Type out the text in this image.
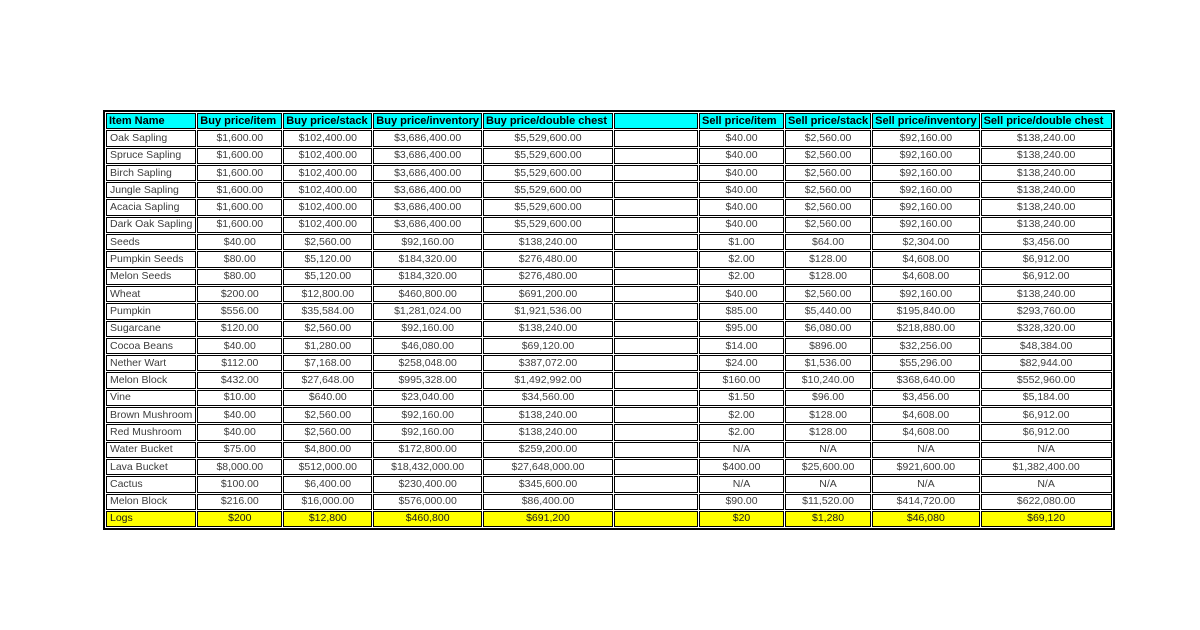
Item Name	Buy price/item	Buy price/stack	Buy price/inventory	Buy price/double chest		Sell price/item	Sell price/stack	Sell price/inventory	Sell price/double chest
Oak Sapling	$1,600.00	$102,400.00	$3,686,400.00	$5,529,600.00		$40.00	$2,560.00	$92,160.00	$138,240.00
Spruce Sapling	$1,600.00	$102,400.00	$3,686,400.00	$5,529,600.00		$40.00	$2,560.00	$92,160.00	$138,240.00
Birch Sapling	$1,600.00	$102,400.00	$3,686,400.00	$5,529,600.00		$40.00	$2,560.00	$92,160.00	$138,240.00
Jungle Sapling	$1,600.00	$102,400.00	$3,686,400.00	$5,529,600.00		$40.00	$2,560.00	$92,160.00	$138,240.00
Acacia Sapling	$1,600.00	$102,400.00	$3,686,400.00	$5,529,600.00		$40.00	$2,560.00	$92,160.00	$138,240.00
Dark Oak Sapling	$1,600.00	$102,400.00	$3,686,400.00	$5,529,600.00		$40.00	$2,560.00	$92,160.00	$138,240.00
Seeds	$40.00	$2,560.00	$92,160.00	$138,240.00		$1.00	$64.00	$2,304.00	$3,456.00
Pumpkin Seeds	$80.00	$5,120.00	$184,320.00	$276,480.00		$2.00	$128.00	$4,608.00	$6,912.00
Melon Seeds	$80.00	$5,120.00	$184,320.00	$276,480.00		$2.00	$128.00	$4,608.00	$6,912.00
Wheat	$200.00	$12,800.00	$460,800.00	$691,200.00		$40.00	$2,560.00	$92,160.00	$138,240.00
Pumpkin	$556.00	$35,584.00	$1,281,024.00	$1,921,536.00		$85.00	$5,440.00	$195,840.00	$293,760.00
Sugarcane	$120.00	$2,560.00	$92,160.00	$138,240.00		$95.00	$6,080.00	$218,880.00	$328,320.00
Cocoa Beans	$40.00	$1,280.00	$46,080.00	$69,120.00		$14.00	$896.00	$32,256.00	$48,384.00
Nether Wart	$112.00	$7,168.00	$258,048.00	$387,072.00		$24.00	$1,536.00	$55,296.00	$82,944.00
Melon Block	$432.00	$27,648.00	$995,328.00	$1,492,992.00		$160.00	$10,240.00	$368,640.00	$552,960.00
Vine	$10.00	$640.00	$23,040.00	$34,560.00		$1.50	$96.00	$3,456.00	$5,184.00
Brown Mushroom	$40.00	$2,560.00	$92,160.00	$138,240.00		$2.00	$128.00	$4,608.00	$6,912.00
Red Mushroom	$40.00	$2,560.00	$92,160.00	$138,240.00		$2.00	$128.00	$4,608.00	$6,912.00
Water Bucket	$75.00	$4,800.00	$172,800.00	$259,200.00		N/A	N/A	N/A	N/A
Lava Bucket	$8,000.00	$512,000.00	$18,432,000.00	$27,648,000.00		$400.00	$25,600.00	$921,600.00	$1,382,400.00
Cactus	$100.00	$6,400.00	$230,400.00	$345,600.00		N/A	N/A	N/A	N/A
Melon Block	$216.00	$16,000.00	$576,000.00	$86,400.00		$90.00	$11,520.00	$414,720.00	$622,080.00
Logs	$200	$12,800	$460,800	$691,200		$20	$1,280	$46,080	$69,120
